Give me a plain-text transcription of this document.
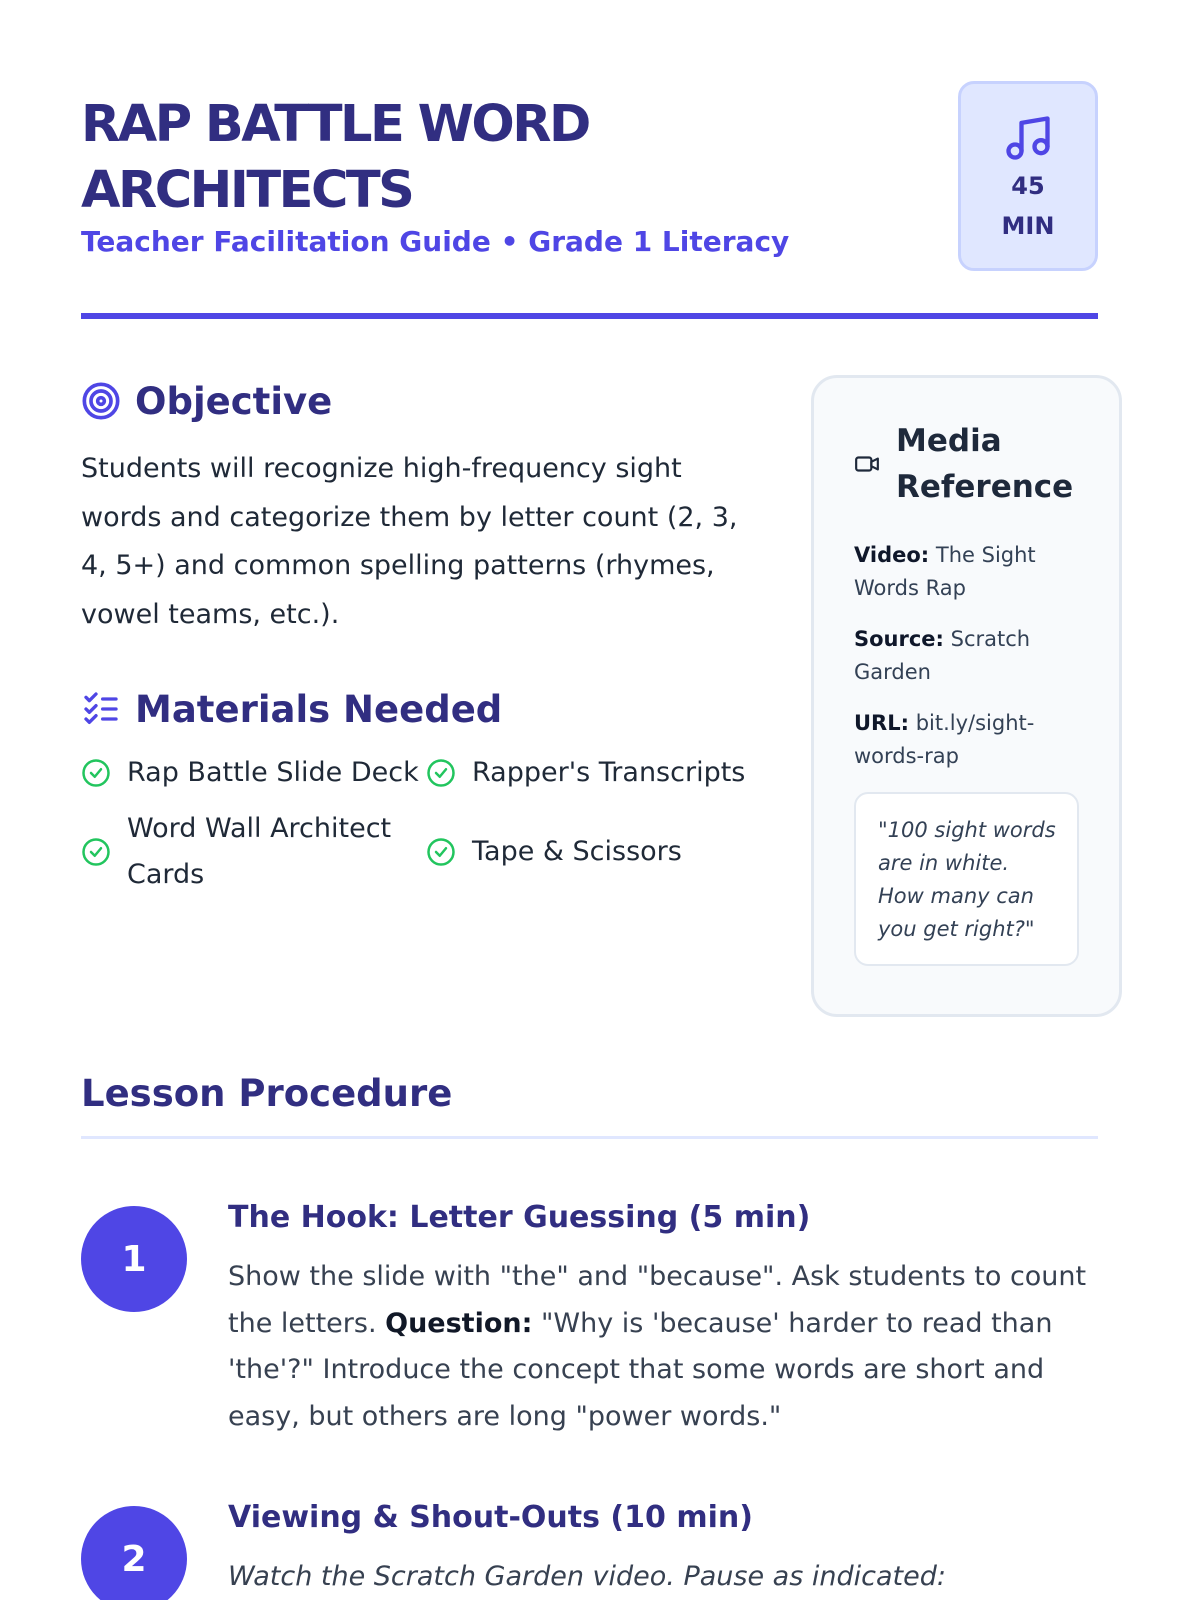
RAP BATTLE WORD ARCHITECTS
Teacher Facilitation Guide • Grade 1 Literacy
45
MIN
Objective

Students will recognize high-frequency sight words and categorize them by letter count (2, 3, 4, 5+) and common spelling patterns (rhymes, vowel teams, etc.).

Materials Needed
Rap Battle Slide Deck Rapper's Transcripts
Word Wall Architect Cards
Tape & Scissors
Media Reference

Video: The Sight Words Rap

Source: Scratch Garden

URL: bit.ly/sight-words-rap

"100 sight words are in white. How many can you get right?"
Lesson Procedure
1
The Hook: Letter Guessing (5 min)

Show the slide with "the" and "because". Ask students to count the letters. Question: "Why is 'because' harder to read than 'the'?" Introduce the concept that some words are short and easy, but others are long "power words."

2
Viewing & Shout-Outs (10 min)

Watch the Scratch Garden video. Pause as indicated:
